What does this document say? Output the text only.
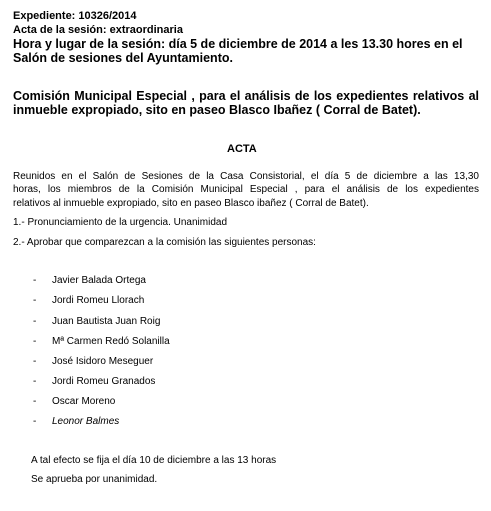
Expediente: 10326/2014
Acta de la sesión: extraordinaria
Hora y lugar de la sesión: día 5 de diciembre de 2014 a les 13.30 hores en el
Salón de sesiones del Ayuntamiento.
Comisión Municipal Especial , para el análisis de los expedientes relativos al
inmueble expropiado, sito en paseo Blasco Ibañez ( Corral de Batet).
ACTA
Reunidos en el Salón de Sesiones de la Casa Consistorial, el día 5 de diciembre a las 13,30
horas, los miembros de la Comisión Municipal Especial , para el análisis de los expedientes
relativos al inmueble expropiado, sito en paseo Blasco ibañez ( Corral de Batet).
1.- Pronunciamiento de la urgencia. Unanimidad
2.- Aprobar que comparezcan a la comisión las siguientes personas:
- Javier Balada Ortega
- Jordi Romeu Llorach
- Juan Bautista Juan Roig
- Mª Carmen Redó Solanilla
- José Isidoro Meseguer
- Jordi Romeu Granados
- Oscar Moreno
- Leonor Balmes
A tal efecto se fija el día 10 de diciembre a las 13 horas
Se aprueba por unanimidad.
